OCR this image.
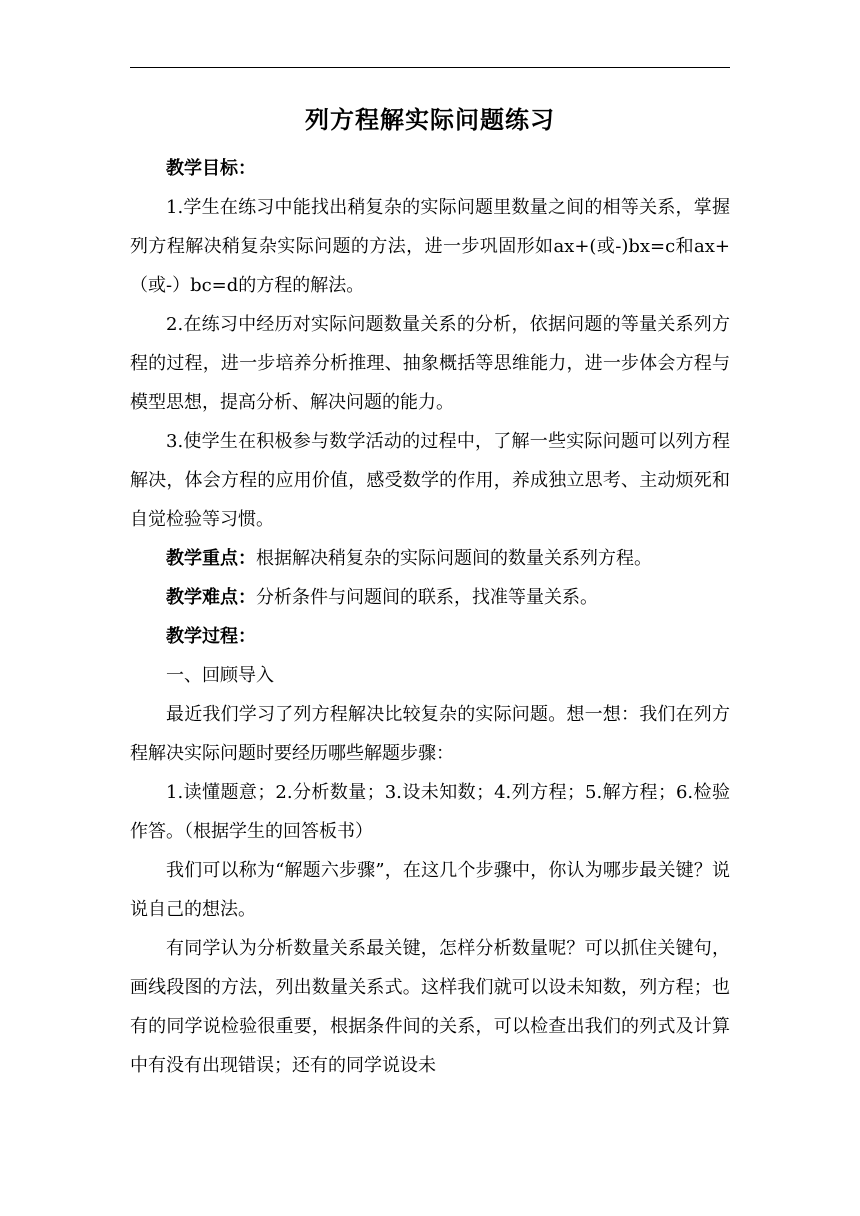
列方程解实际问题练习

教学目标：

1.学生在练习中能找出稍复杂的实际问题里数量之间的相等关系，掌握列方程解决稍复杂实际问题的方法，进一步巩固形如ax+(或-)bx=c和ax+（或-）bc=d的方程的解法。

2.在练习中经历对实际问题数量关系的分析，依据问题的等量关系列方程的过程，进一步培养分析推理、抽象概括等思维能力，进一步体会方程与模型思想，提高分析、解决问题的能力。

3.使学生在积极参与数学活动的过程中，了解一些实际问题可以列方程解决，体会方程的应用价值，感受数学的作用，养成独立思考、主动烦死和自觉检验等习惯。

教学重点：根据解决稍复杂的实际问题间的数量关系列方程。

教学难点：分析条件与问题间的联系，找准等量关系。

教学过程：

一、回顾导入

最近我们学习了列方程解决比较复杂的实际问题。想一想：我们在列方程解决实际问题时要经历哪些解题步骤：

1.读懂题意；2.分析数量；3.设未知数；4.列方程；5.解方程；6.检验作答。（根据学生的回答板书）

我们可以称为“解题六步骤”，在这几个步骤中，你认为哪步最关键？说说自己的想法。

有同学认为分析数量关系最关键，怎样分析数量呢？可以抓住关键句，画线段图的方法，列出数量关系式。这样我们就可以设未知数，列方程；也有的同学说检验很重要，根据条件间的关系，可以检查出我们的列式及计算中有没有出现错误；还有的同学说设未
